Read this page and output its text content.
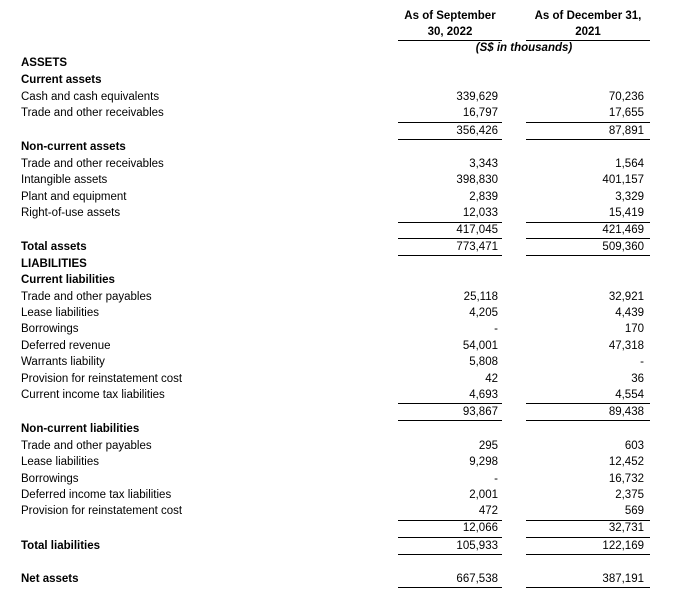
As of September
30, 2022
As of December 31,
2021
(S$ in thousands)
ASSETS
Current assets
Cash and cash equivalents	339,629	70,236
Trade and other receivables	16,797	17,655
356,426	87,891
Non-current assets
Trade and other receivables	3,343	1,564
Intangible assets	398,830	401,157
Plant and equipment	2,839	3,329
Right-of-use assets	12,033	15,419
417,045	421,469
Total assets	773,471	509,360
LIABILITIES
Current liabilities
Trade and other payables	25,118	32,921
Lease liabilities	4,205	4,439
Borrowings	-	170
Deferred revenue	54,001	47,318
Warrants liability	5,808	-
Provision for reinstatement cost	42	36
Current income tax liabilities	4,693	4,554
93,867	89,438
Non-current liabilities
Trade and other payables	295	603
Lease liabilities	9,298	12,452
Borrowings	-	16,732
Deferred income tax liabilities	2,001	2,375
Provision for reinstatement cost	472	569
12,066	32,731
Total liabilities	105,933	122,169
Net assets	667,538	387,191
